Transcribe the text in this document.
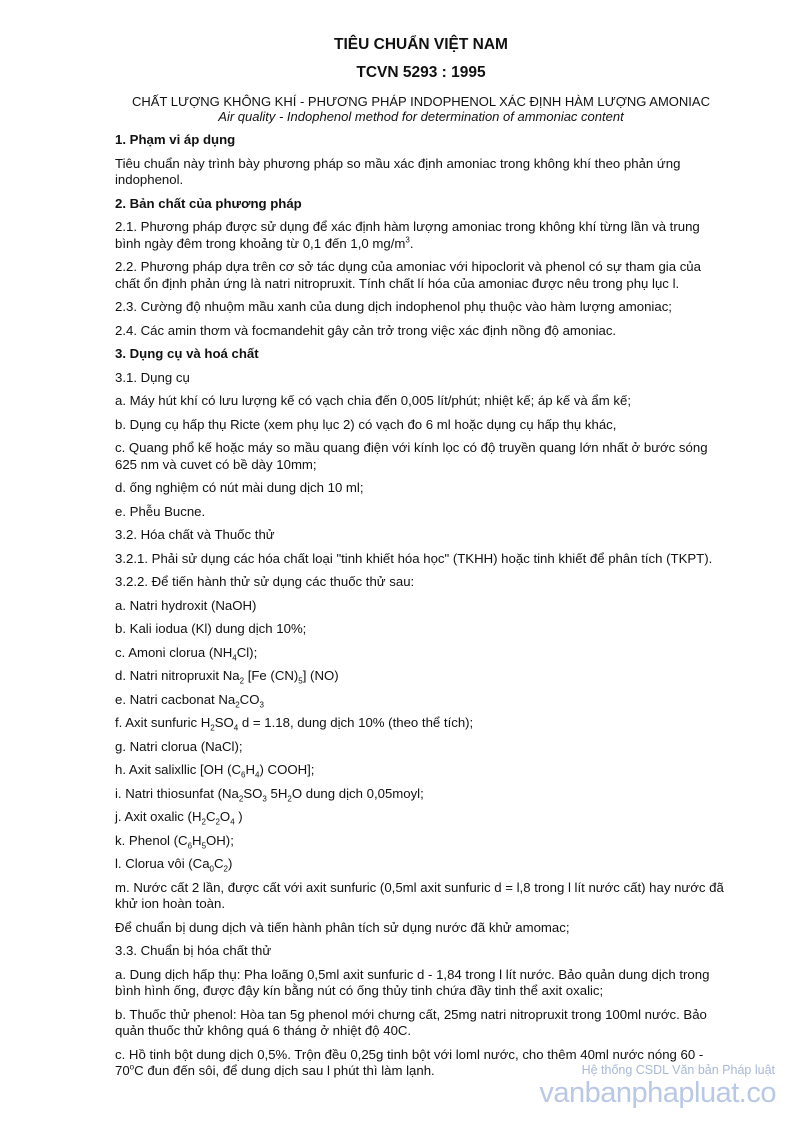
TIÊU CHUẨN VIỆT NAM
TCVN 5293 : 1995
CHẤT LƯỢNG KHÔNG KHÍ - PHƯƠNG PHÁP INDOPHENOL XÁC ĐỊNH HÀM LƯỢNG AMONIAC
Air quality - Indophenol method for determination of ammoniac content

1. Phạm vi áp dụng

Tiêu chuẩn này trình bày phương pháp so mầu xác định amoniac trong không khí theo phản ứng indophenol.

2. Bản chất của phương pháp

2.1. Phương pháp được sử dụng để xác định hàm lượng amoniac trong không khí từng lần và trung bình ngày đêm trong khoảng từ 0,1 đến 1,0 $mg/m^3$.

2.2. Phương pháp dựa trên cơ sở tác dụng của amoniac với hipoclorit và phenol có sự tham gia của chất ổn định phản ứng là natri nitropruxit. Tính chất lí hóa của amoniac được nêu trong phụ lục l.

2.3. Cường độ nhuộm mầu xanh của dung dịch indophenol phụ thuộc vào hàm lượng amoniac;

2.4. Các amin thơm và focmandehit gây cản trở trong việc xác định nồng độ amoniac.

3. Dụng cụ và hoá chất

3.1. Dụng cụ

a. Máy hút khí có lưu lượng kế có vạch chia đến 0,005 lít/phút; nhiệt kế; áp kế và ẩm kế;

b. Dụng cụ hấp thụ Ricte (xem phụ lục 2) có vạch đo 6 ml hoặc dụng cụ hấp thụ khác,

c. Quang phổ kế hoặc máy so mầu quang điện với kính lọc có độ truyền quang lớn nhất ở bước sóng 625 nm và cuvet có bề dày 10mm;

d. ống nghiệm có nút mài dung dịch 10 ml;

e. Phễu Bucne.

3.2. Hóa chất và Thuốc thử

3.2.1. Phải sử dụng các hóa chất loại "tinh khiết hóa học" (TKHH) hoặc tinh khiết để phân tích (TKPT).

3.2.2. Để tiến hành thử sử dụng các thuốc thử sau:

a. Natri hydroxit (NaOH)

b. Kali iodua (Kl) dung dịch 10%;

c. Amoni clorua $(NH_4Cl)$;

d. Natri nitropruxit $Na_2$ [Fe $(CN)_5$] (NO)

e. Natri cacbonat $Na_2CO_3$

f. Axit sunfuric $H_2SO_4$ d = 1.18, dung dịch 10% (theo thể tích);

g. Natri clorua (NaCl);

h. Axit salixllic [OH $(C_6H_4)$ COOH];

i. Natri thiosunfat ($Na_2SO_3$ $5H_2O$ dung dịch 0,05moyl;

j. Axit oxalic ($H_2C_2O_4$ )

k. Phenol $(C_6H_5OH)$;

l. Clorua vôi $(Ca_0C_2)$

m. Nước cất 2 lần, được cất với axit sunfuric (0,5ml axit sunfuric d = l,8 trong l lít nước cất) hay nước đã khử ion hoàn toàn.

Để chuẩn bị dung dịch và tiến hành phân tích sử dụng nước đã khử amomac;

3.3. Chuẩn bị hóa chất thử

a. Dung dịch hấp thụ: Pha loãng 0,5ml axit sunfuric d - 1,84 trong l lít nước. Bảo quản dung dịch trong bình hình ống, được đậy kín bằng nút có ống thủy tinh chứa đầy tinh thể axit oxalic;

b. Thuốc thử phenol: Hòa tan 5g phenol mới chưng cất, 25mg natri nitropruxit trong 100ml nước. Bảo quản thuốc thử không quá 6 tháng ở nhiệt độ 40C.

c. Hồ tinh bột dung dịch 0,5%. Trộn đều 0,25g tinh bột với loml nước, cho thêm 40ml nước nóng 60 - 70$^o$C đun đến sôi, để dung dịch sau l phút thì làm lạnh.	Hệ thống CSDL Văn bản Pháp luật
vanbanphapluat.co
